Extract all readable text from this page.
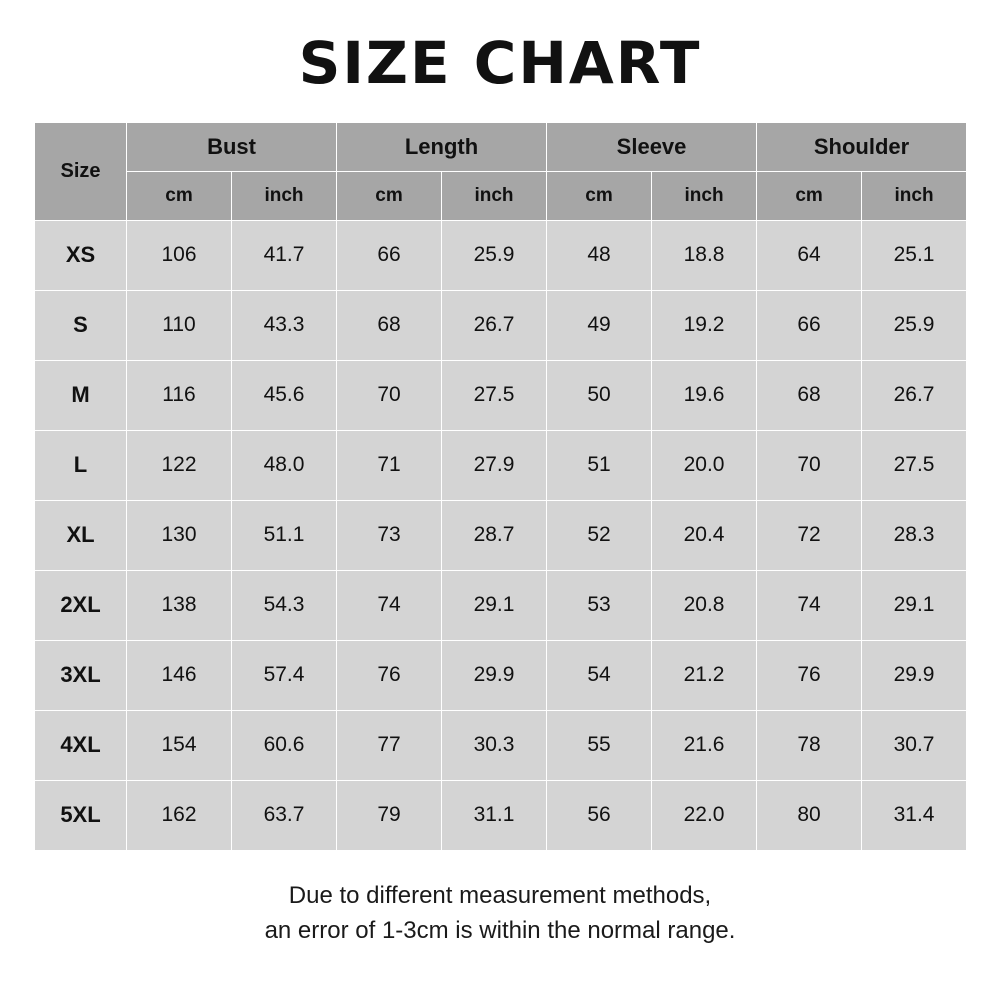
SIZE CHART
Size	Bust		Length		Sleeve		Shoulder	
	cm	inch	cm	inch	cm	inch	cm	inch
XS	106	41.7	66	25.9	48	18.8	64	25.1
S	110	43.3	68	26.7	49	19.2	66	25.9
M	116	45.6	70	27.5	50	19.6	68	26.7
L	122	48.0	71	27.9	51	20.0	70	27.5
XL	130	51.1	73	28.7	52	20.4	72	28.3
2XL	138	54.3	74	29.1	53	20.8	74	29.1
3XL	146	57.4	76	29.9	54	21.2	76	29.9
4XL	154	60.6	77	30.3	55	21.6	78	30.7
5XL	162	63.7	79	31.1	56	22.0	80	31.4
Due to different measurement methods,
an error of 1-3cm is within the normal range.
